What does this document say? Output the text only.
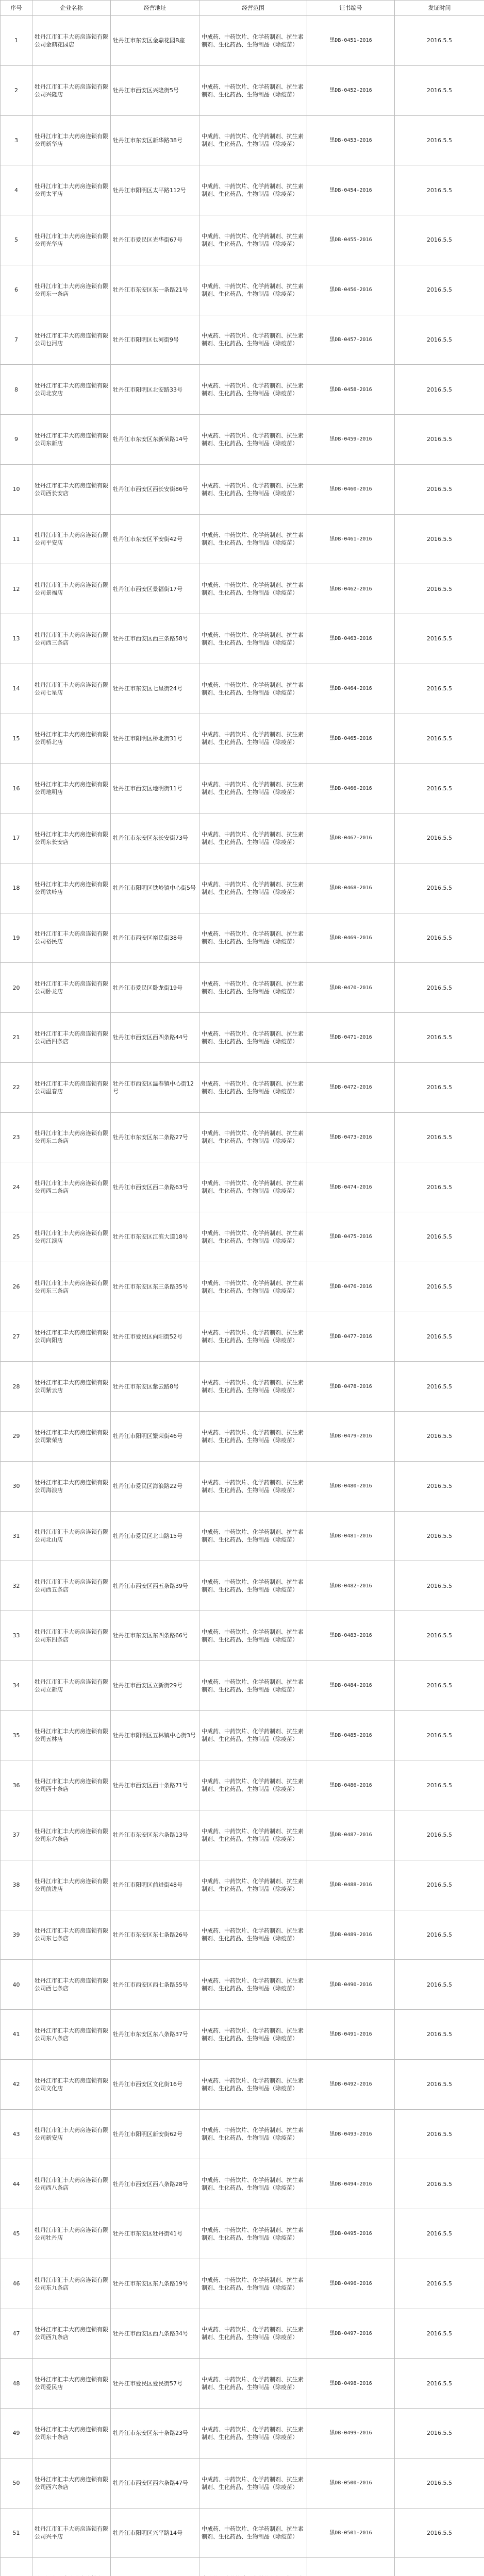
序号	企业名称	经营地址	经营范围	证书编号	发证时间
1	牡丹江市汇丰大药房连锁有限公司金鼎花园店	牡丹江市东安区金鼎花园B座	中成药、中药饮片、化学药制剂、抗生素制剂、生化药品、生物制品（除疫苗）	黑DB-0451-2016	2016.5.5
2	牡丹江市汇丰大药房连锁有限公司兴隆店	牡丹江市西安区兴隆街5号	中成药、中药饮片、化学药制剂、抗生素制剂、生化药品、生物制品（除疫苗）	黑DB-0452-2016	2016.5.5
3	牡丹江市汇丰大药房连锁有限公司新华店	牡丹江市东安区新华路38号	中成药、中药饮片、化学药制剂、抗生素制剂、生化药品、生物制品（除疫苗）	黑DB-0453-2016	2016.5.5
4	牡丹江市汇丰大药房连锁有限公司太平店	牡丹江市阳明区太平路112号	中成药、中药饮片、化学药制剂、抗生素制剂、生化药品、生物制品（除疫苗）	黑DB-0454-2016	2016.5.5
5	牡丹江市汇丰大药房连锁有限公司光华店	牡丹江市爱民区光华街67号	中成药、中药饮片、化学药制剂、抗生素制剂、生化药品、生物制品（除疫苗）	黑DB-0455-2016	2016.5.5
6	牡丹江市汇丰大药房连锁有限公司东一条店	牡丹江市东安区东一条路21号	中成药、中药饮片、化学药制剂、抗生素制剂、生化药品、生物制品（除疫苗）	黑DB-0456-2016	2016.5.5
7	牡丹江市汇丰大药房连锁有限公司乜河店	牡丹江市阳明区乜河街9号	中成药、中药饮片、化学药制剂、抗生素制剂、生化药品、生物制品（除疫苗）	黑DB-0457-2016	2016.5.5
8	牡丹江市汇丰大药房连锁有限公司北安店	牡丹江市阳明区北安路33号	中成药、中药饮片、化学药制剂、抗生素制剂、生化药品、生物制品（除疫苗）	黑DB-0458-2016	2016.5.5
9	牡丹江市汇丰大药房连锁有限公司东新店	牡丹江市东安区东新荣路14号	中成药、中药饮片、化学药制剂、抗生素制剂、生化药品、生物制品（除疫苗）	黑DB-0459-2016	2016.5.5
10	牡丹江市汇丰大药房连锁有限公司西长安店	牡丹江市西安区西长安街86号	中成药、中药饮片、化学药制剂、抗生素制剂、生化药品、生物制品（除疫苗）	黑DB-0460-2016	2016.5.5
11	牡丹江市汇丰大药房连锁有限公司平安店	牡丹江市东安区平安街42号	中成药、中药饮片、化学药制剂、抗生素制剂、生化药品、生物制品（除疫苗）	黑DB-0461-2016	2016.5.5
12	牡丹江市汇丰大药房连锁有限公司景福店	牡丹江市西安区景福街17号	中成药、中药饮片、化学药制剂、抗生素制剂、生化药品、生物制品（除疫苗）	黑DB-0462-2016	2016.5.5
13	牡丹江市汇丰大药房连锁有限公司西三条店	牡丹江市西安区西三条路58号	中成药、中药饮片、化学药制剂、抗生素制剂、生化药品、生物制品（除疫苗）	黑DB-0463-2016	2016.5.5
14	牡丹江市汇丰大药房连锁有限公司七星店	牡丹江市东安区七星街24号	中成药、中药饮片、化学药制剂、抗生素制剂、生化药品、生物制品（除疫苗）	黑DB-0464-2016	2016.5.5
15	牡丹江市汇丰大药房连锁有限公司桥北店	牡丹江市阳明区桥北街31号	中成药、中药饮片、化学药制剂、抗生素制剂、生化药品、生物制品（除疫苗）	黑DB-0465-2016	2016.5.5
16	牡丹江市汇丰大药房连锁有限公司地明店	牡丹江市西安区地明街11号	中成药、中药饮片、化学药制剂、抗生素制剂、生化药品、生物制品（除疫苗）	黑DB-0466-2016	2016.5.5
17	牡丹江市汇丰大药房连锁有限公司东长安店	牡丹江市东安区东长安街73号	中成药、中药饮片、化学药制剂、抗生素制剂、生化药品、生物制品（除疫苗）	黑DB-0467-2016	2016.5.5
18	牡丹江市汇丰大药房连锁有限公司铁岭店	牡丹江市阳明区铁岭镇中心街5号	中成药、中药饮片、化学药制剂、抗生素制剂、生化药品、生物制品（除疫苗）	黑DB-0468-2016	2016.5.5
19	牡丹江市汇丰大药房连锁有限公司裕民店	牡丹江市西安区裕民街38号	中成药、中药饮片、化学药制剂、抗生素制剂、生化药品、生物制品（除疫苗）	黑DB-0469-2016	2016.5.5
20	牡丹江市汇丰大药房连锁有限公司卧龙店	牡丹江市爱民区卧龙街19号	中成药、中药饮片、化学药制剂、抗生素制剂、生化药品、生物制品（除疫苗）	黑DB-0470-2016	2016.5.5
21	牡丹江市汇丰大药房连锁有限公司西四条店	牡丹江市西安区西四条路44号	中成药、中药饮片、化学药制剂、抗生素制剂、生化药品、生物制品（除疫苗）	黑DB-0471-2016	2016.5.5
22	牡丹江市汇丰大药房连锁有限公司温春店	牡丹江市西安区温春镇中心街12号	中成药、中药饮片、化学药制剂、抗生素制剂、生化药品、生物制品（除疫苗）	黑DB-0472-2016	2016.5.5
23	牡丹江市汇丰大药房连锁有限公司东二条店	牡丹江市东安区东二条路27号	中成药、中药饮片、化学药制剂、抗生素制剂、生化药品、生物制品（除疫苗）	黑DB-0473-2016	2016.5.5
24	牡丹江市汇丰大药房连锁有限公司西二条店	牡丹江市西安区西二条路63号	中成药、中药饮片、化学药制剂、抗生素制剂、生化药品、生物制品（除疫苗）	黑DB-0474-2016	2016.5.5
25	牡丹江市汇丰大药房连锁有限公司江滨店	牡丹江市东安区江滨大道18号	中成药、中药饮片、化学药制剂、抗生素制剂、生化药品、生物制品（除疫苗）	黑DB-0475-2016	2016.5.5
26	牡丹江市汇丰大药房连锁有限公司东三条店	牡丹江市东安区东三条路35号	中成药、中药饮片、化学药制剂、抗生素制剂、生化药品、生物制品（除疫苗）	黑DB-0476-2016	2016.5.5
27	牡丹江市汇丰大药房连锁有限公司向阳店	牡丹江市爱民区向阳街52号	中成药、中药饮片、化学药制剂、抗生素制剂、生化药品、生物制品（除疫苗）	黑DB-0477-2016	2016.5.5
28	牡丹江市汇丰大药房连锁有限公司紫云店	牡丹江市东安区紫云路8号	中成药、中药饮片、化学药制剂、抗生素制剂、生化药品、生物制品（除疫苗）	黑DB-0478-2016	2016.5.5
29	牡丹江市汇丰大药房连锁有限公司繁荣店	牡丹江市阳明区繁荣街46号	中成药、中药饮片、化学药制剂、抗生素制剂、生化药品、生物制品（除疫苗）	黑DB-0479-2016	2016.5.5
30	牡丹江市汇丰大药房连锁有限公司海浪店	牡丹江市爱民区海浪路22号	中成药、中药饮片、化学药制剂、抗生素制剂、生化药品、生物制品（除疫苗）	黑DB-0480-2016	2016.5.5
31	牡丹江市汇丰大药房连锁有限公司北山店	牡丹江市爱民区北山路15号	中成药、中药饮片、化学药制剂、抗生素制剂、生化药品、生物制品（除疫苗）	黑DB-0481-2016	2016.5.5
32	牡丹江市汇丰大药房连锁有限公司西五条店	牡丹江市西安区西五条路39号	中成药、中药饮片、化学药制剂、抗生素制剂、生化药品、生物制品（除疫苗）	黑DB-0482-2016	2016.5.5
33	牡丹江市汇丰大药房连锁有限公司东四条店	牡丹江市东安区东四条路66号	中成药、中药饮片、化学药制剂、抗生素制剂、生化药品、生物制品（除疫苗）	黑DB-0483-2016	2016.5.5
34	牡丹江市汇丰大药房连锁有限公司立新店	牡丹江市西安区立新街29号	中成药、中药饮片、化学药制剂、抗生素制剂、生化药品、生物制品（除疫苗）	黑DB-0484-2016	2016.5.5
35	牡丹江市汇丰大药房连锁有限公司五林店	牡丹江市阳明区五林镇中心街3号	中成药、中药饮片、化学药制剂、抗生素制剂、生化药品、生物制品（除疫苗）	黑DB-0485-2016	2016.5.5
36	牡丹江市汇丰大药房连锁有限公司西十条店	牡丹江市西安区西十条路71号	中成药、中药饮片、化学药制剂、抗生素制剂、生化药品、生物制品（除疫苗）	黑DB-0486-2016	2016.5.5
37	牡丹江市汇丰大药房连锁有限公司东六条店	牡丹江市东安区东六条路13号	中成药、中药饮片、化学药制剂、抗生素制剂、生化药品、生物制品（除疫苗）	黑DB-0487-2016	2016.5.5
38	牡丹江市汇丰大药房连锁有限公司前进店	牡丹江市阳明区前进街48号	中成药、中药饮片、化学药制剂、抗生素制剂、生化药品、生物制品（除疫苗）	黑DB-0488-2016	2016.5.5
39	牡丹江市汇丰大药房连锁有限公司东七条店	牡丹江市东安区东七条路26号	中成药、中药饮片、化学药制剂、抗生素制剂、生化药品、生物制品（除疫苗）	黑DB-0489-2016	2016.5.5
40	牡丹江市汇丰大药房连锁有限公司西七条店	牡丹江市西安区西七条路55号	中成药、中药饮片、化学药制剂、抗生素制剂、生化药品、生物制品（除疫苗）	黑DB-0490-2016	2016.5.5
41	牡丹江市汇丰大药房连锁有限公司东八条店	牡丹江市东安区东八条路37号	中成药、中药饮片、化学药制剂、抗生素制剂、生化药品、生物制品（除疫苗）	黑DB-0491-2016	2016.5.5
42	牡丹江市汇丰大药房连锁有限公司文化店	牡丹江市西安区文化街16号	中成药、中药饮片、化学药制剂、抗生素制剂、生化药品、生物制品（除疫苗）	黑DB-0492-2016	2016.5.5
43	牡丹江市汇丰大药房连锁有限公司新安店	牡丹江市阳明区新安街62号	中成药、中药饮片、化学药制剂、抗生素制剂、生化药品、生物制品（除疫苗）	黑DB-0493-2016	2016.5.5
44	牡丹江市汇丰大药房连锁有限公司西八条店	牡丹江市西安区西八条路28号	中成药、中药饮片、化学药制剂、抗生素制剂、生化药品、生物制品（除疫苗）	黑DB-0494-2016	2016.5.5
45	牡丹江市汇丰大药房连锁有限公司牡丹店	牡丹江市东安区牡丹街41号	中成药、中药饮片、化学药制剂、抗生素制剂、生化药品、生物制品（除疫苗）	黑DB-0495-2016	2016.5.5
46	牡丹江市汇丰大药房连锁有限公司东九条店	牡丹江市东安区东九条路19号	中成药、中药饮片、化学药制剂、抗生素制剂、生化药品、生物制品（除疫苗）	黑DB-0496-2016	2016.5.5
47	牡丹江市汇丰大药房连锁有限公司西九条店	牡丹江市西安区西九条路34号	中成药、中药饮片、化学药制剂、抗生素制剂、生化药品、生物制品（除疫苗）	黑DB-0497-2016	2016.5.5
48	牡丹江市汇丰大药房连锁有限公司爱民店	牡丹江市爱民区爱民街57号	中成药、中药饮片、化学药制剂、抗生素制剂、生化药品、生物制品（除疫苗）	黑DB-0498-2016	2016.5.5
49	牡丹江市汇丰大药房连锁有限公司东十条店	牡丹江市东安区东十条路23号	中成药、中药饮片、化学药制剂、抗生素制剂、生化药品、生物制品（除疫苗）	黑DB-0499-2016	2016.5.5
50	牡丹江市汇丰大药房连锁有限公司西六条店	牡丹江市西安区西六条路47号	中成药、中药饮片、化学药制剂、抗生素制剂、生化药品、生物制品（除疫苗）	黑DB-0500-2016	2016.5.5
51	牡丹江市汇丰大药房连锁有限公司兴平店	牡丹江市阳明区兴平路14号	中成药、中药饮片、化学药制剂、抗生素制剂、生化药品、生物制品（除疫苗）	黑DB-0501-2016	2016.5.5
